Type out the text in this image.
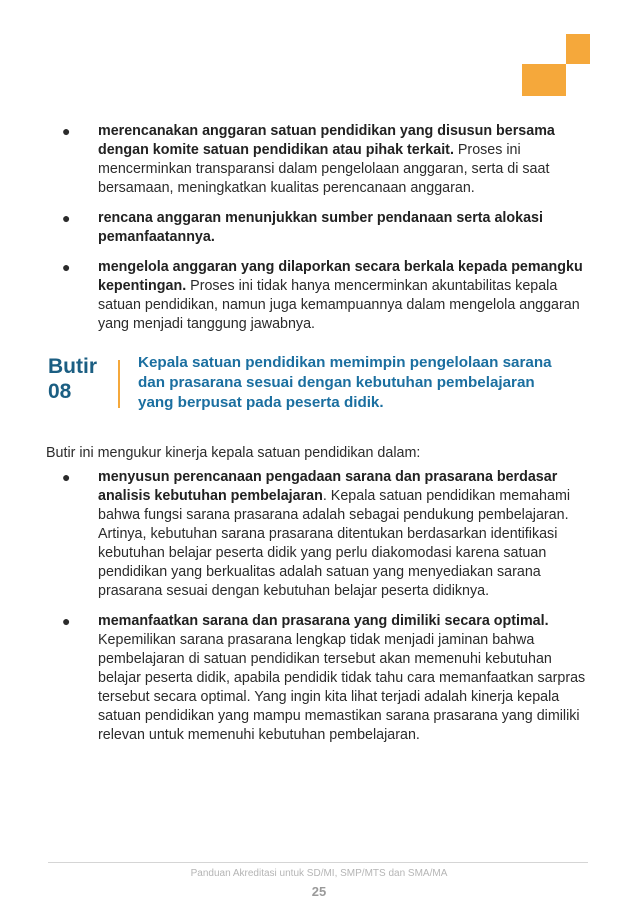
● merencanakan anggaran satuan pendidikan yang disusun bersama dengan komite satuan pendidikan atau pihak terkait. Proses ini mencerminkan transparansi dalam pengelolaan anggaran, serta di saat bersamaan, meningkatkan kualitas perencanaan anggaran.
● rencana anggaran menunjukkan sumber pendanaan serta alokasi pemanfaatannya.
● mengelola anggaran yang dilaporkan secara berkala kepada pemangku kepentingan. Proses ini tidak hanya mencerminkan akuntabilitas kepala satuan pendidikan, namun juga kemampuannya dalam mengelola anggaran yang menjadi tanggung jawabnya.
Butir
08
Kepala satuan pendidikan memimpin pengelolaan sarana dan prasarana sesuai dengan kebutuhan pembelajaran yang berpusat pada peserta didik.
Butir ini mengukur kinerja kepala satuan pendidikan dalam:
● menyusun perencanaan pengadaan sarana dan prasarana berdasar analisis kebutuhan pembelajaran. Kepala satuan pendidikan memahami bahwa fungsi sarana prasarana adalah sebagai pendukung pembelajaran. Artinya, kebutuhan sarana prasarana ditentukan berdasarkan identifikasi kebutuhan belajar peserta didik yang perlu diakomodasi karena satuan pendidikan yang berkualitas adalah satuan yang menyediakan sarana prasarana sesuai dengan kebutuhan belajar peserta didiknya.
● memanfaatkan sarana dan prasarana yang dimiliki secara optimal. Kepemilikan sarana prasarana lengkap tidak menjadi jaminan bahwa pembelajaran di satuan pendidikan tersebut akan memenuhi kebutuhan belajar peserta didik, apabila pendidik tidak tahu cara memanfaatkan sarpras tersebut secara optimal. Yang ingin kita lihat terjadi adalah kinerja kepala satuan pendidikan yang mampu memastikan sarana prasarana yang dimiliki relevan untuk memenuhi kebutuhan pembelajaran.
Panduan Akreditasi untuk SD/MI, SMP/MTS dan SMA/MA
25
